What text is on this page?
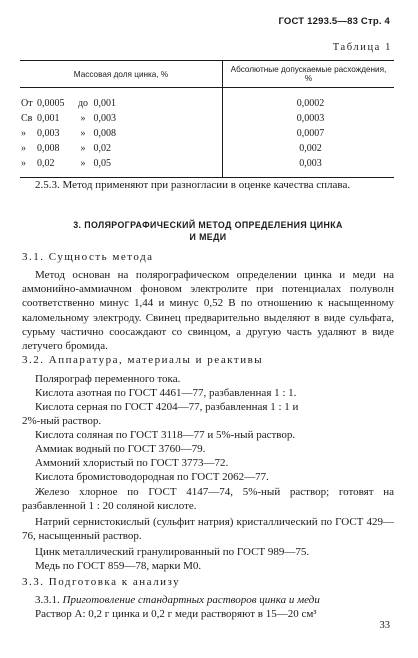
ГОСТ 1293.5—83 Стр. 4
Таблица 1
Массовая доля цинка, %	Абсолютные допускаемые расхождения, %
От 0,0005 до 0,001	0,0002
Св 0,001 » 0,003	0,0003
» 0,003 » 0,008	0,0007
» 0,008 » 0,02	0,002
» 0,02 » 0,05	0,003
2.5.3. Метод применяют при разногласии в оценке качества сплава.
3. ПОЛЯРОГРАФИЧЕСКИЙ МЕТОД ОПРЕДЕЛЕНИЯ ЦИНКА
И МЕДИ
3.1. Сущность метода
Метод основан на полярографическом определении цинка и меди на аммонийно-аммиачном фоновом электролите при потенциалах полуволн соответственно минус 1,44 и минус 0,52 В по отношению к насыщенному каломельному электроду. Свинец предварительно выделяют в виде сульфата, сурьму частично соосаждают со свинцом, а другую часть удаляют в виде летучего бромида.
3.2. Аппаратура, материалы и реактивы
Полярограф переменного тока.
Кислота азотная по ГОСТ 4461—77, разбавленная 1 : 1.
Кислота серная по ГОСТ 4204—77, разбавленная 1 : 1 и
2%-ный раствор.
Кислота соляная по ГОСТ 3118—77 и 5%-ный раствор.
Аммиак водный по ГОСТ 3760—79.
Аммоний хлористый по ГОСТ 3773—72.
Кислота бромистоводородная по ГОСТ 2062—77.
Железо хлорное по ГОСТ 4147—74, 5%-ный раствор; готовят на разбавленной 1 : 20 соляной кислоте.
Натрий сернистокислый (сульфит натрия) кристаллический по ГОСТ 429—76, насыщенный раствор.
Цинк металлический гранулированный по ГОСТ 989—75.
Медь по ГОСТ 859—78, марки М0.
3.3. Подготовка к анализу
3.3.1. Приготовление стандартных растворов цинка и меди
Раствор А: 0,2 г цинка и 0,2 г меди растворяют в 15—20 см³
33
